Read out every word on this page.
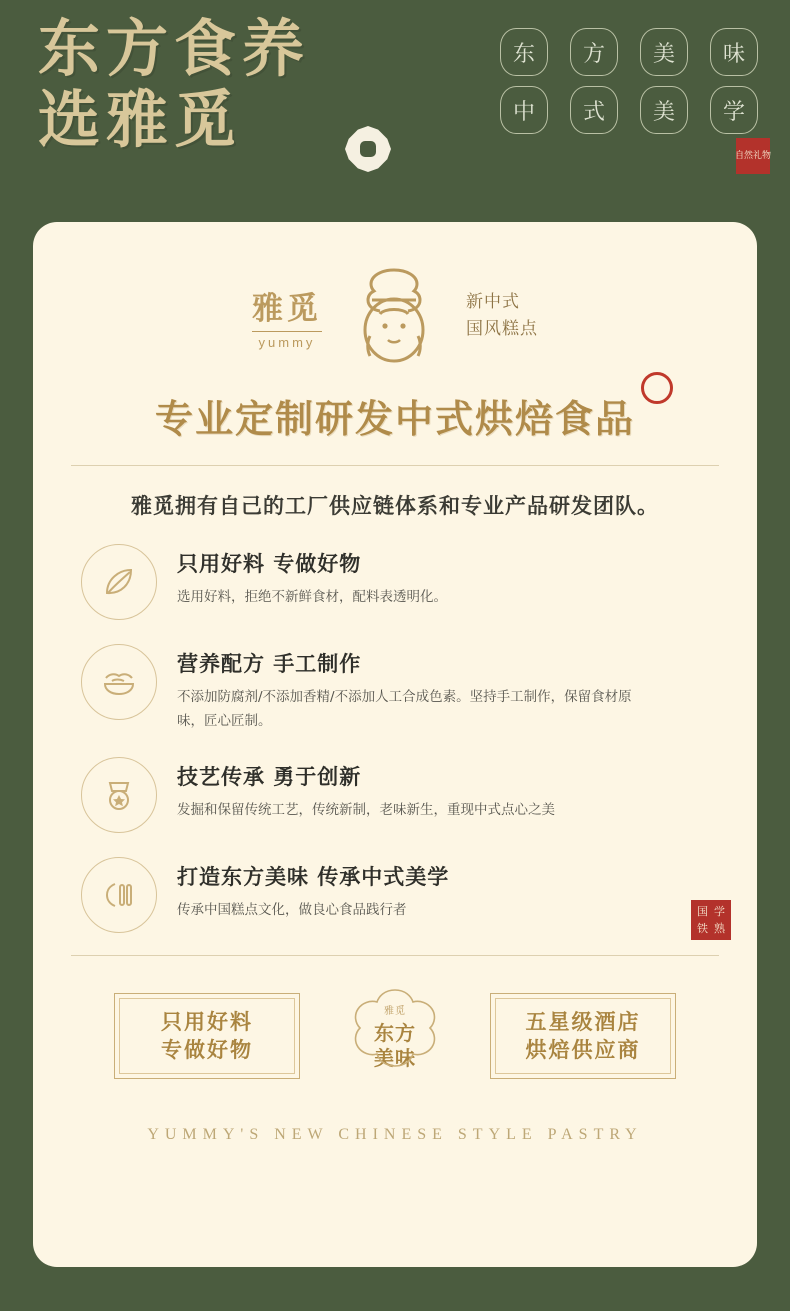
东方食养
选雅觅
东	方	美	味
中	式	美	学
自 然 礼 物
雅觅
yummy
新中式
国风糕点
专业定制研发中式烘焙食品
雅觅拥有自己的工厂供应链体系和专业产品研发团队。
只用好料 专做好物
选用好料，拒绝不新鲜食材，配料表透明化。
营养配方 手工制作
不添加防腐剂/不添加香精/不添加人工合成色素。坚持手工制作，保留食材原味，匠心匠制。
技艺传承 勇于创新
发掘和保留传统工艺，传统新制，老味新生，重现中式点心之美
打造东方美味 传承中式美学
传承中国糕点文化，做良心食品践行者	国 学
铁 熟
只用好料
专做好物
雅觅
东方
美味
五星级酒店
烘焙供应商
YUMMY'S NEW CHINESE STYLE PASTRY
